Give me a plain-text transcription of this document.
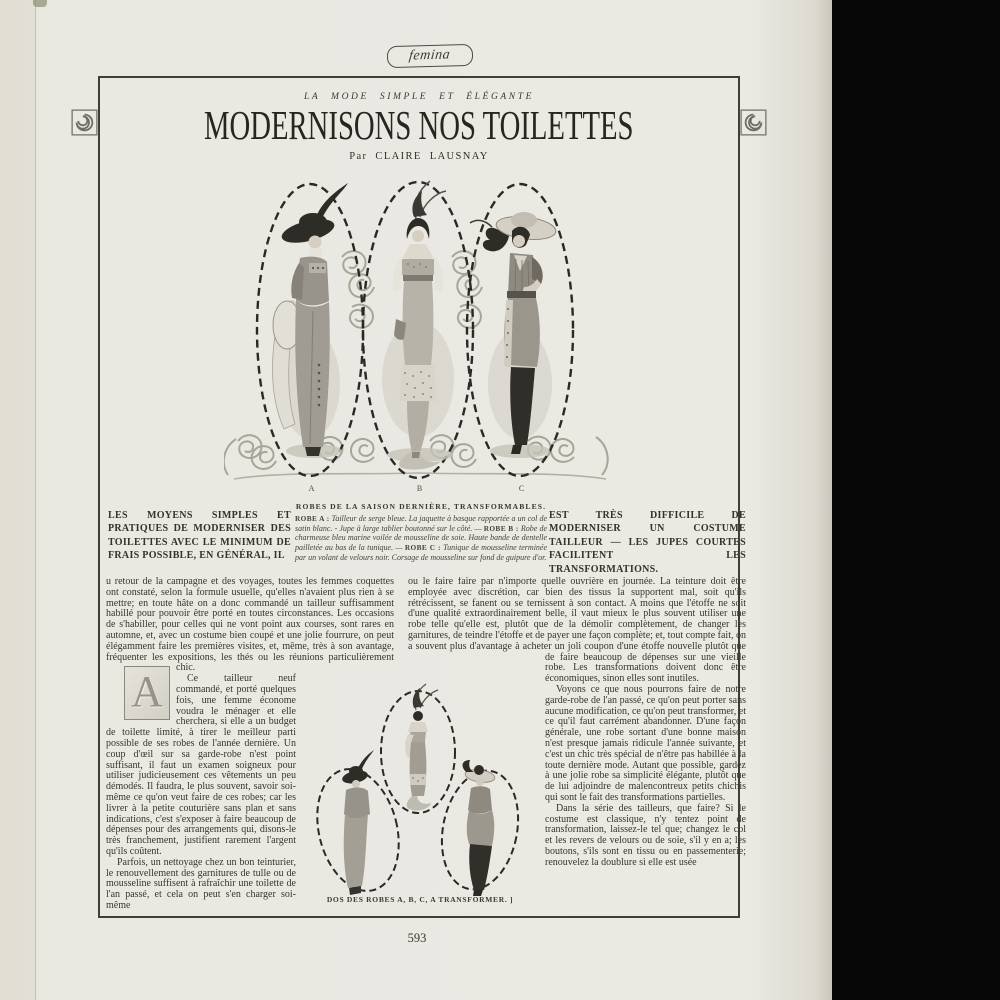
femina
LA MODE SIMPLE ET ÉLÉGANTE
MODERNISONS NOS TOILETTES
Par CLAIRE LAUSNAY
A	B	C
LES MOYENS SIMPLES ET PRATIQUES DE MODERNISER DES TOILETTES AVEC LE MINIMUM DE FRAIS POSSIBLE, EN GÉNÉRAL, IL
ROBES DE LA SAISON DERNIÈRE, TRANSFORMABLES.
ROBE A : Tailleur de serge bleue. La jaquette à basque rapportée a un col de satin blanc. - Jupe à large tablier boutonné sur le côté. — ROBE B : Robe de charmeuse bleu marine voilée de mousseline de soie. Haute bande de dentelle pailletée au bas de la tunique. — ROBE C : Tunique de mousseline terminée par un volant de velours noir. Corsage de mousseline sur fond de guipure d'or.
EST TRÈS DIFFICILE DE MODERNISER UN COSTUME TAILLEUR — LES JUPES COURTES FACILITENT LES TRANSFORMATIONS.

A
u retour de la campagne et des voyages, toutes les femmes coquettes ont constaté, selon la formule usuelle, qu'elles n'avaient plus rien à se mettre; en toute hâte on a donc commandé un tailleur suffisamment habillé pour pouvoir être porté en toutes circonstances. Les occasions de s'habiller, pour celles qui ne vont point aux courses, sont rares en automne, et, avec un costume bien coupé et une jolie fourrure, on peut élégamment faire les premières visites, et, même, très à son avantage, fréquenter les expositions, les thés ou les réunions particulièrement chic.

Ce tailleur neuf commandé, et porté quelques fois, une femme économe voudra le ménager et elle cherchera, si elle a un budget de toilette limité, à tirer le meilleur parti possible de ses robes de l'année dernière. Un coup d'œil sur sa garde-robe n'est point suffisant, il faut un examen soigneux pour utiliser judicieusement ces vêtements un peu démodés. Il faudra, le plus souvent, savoir soi-même ce qu'on veut faire de ces robes; car les livrer à la petite couturière sans plan et sans indications, c'est s'exposer à faire beaucoup de dépenses pour des arrangements qui, disons-le très franchement, justifient rarement l'argent qu'ils coûtent.

Parfois, un nettoyage chez un bon teinturier, le renouvellement des garnitures de tulle ou de mousseline suffisent à rafraîchir une toilette de l'an passé, et cela on peut s'en charger soi-même

ou le faire faire par n'importe quelle ouvrière en journée. La teinture doit être employée avec discrétion, car bien des tissus la supportent mal, soit qu'ils rétrécissent, se fanent ou se ternissent à son contact. A moins que l'étoffe ne soit d'une qualité extraordinairement belle, il vaut mieux le plus souvent utiliser une robe telle qu'elle est, plutôt que de la démolir complètement, de changer les garnitures, de teindre l'étoffe et de payer une façon complète; et, tout compte fait, on a souvent plus d'avantage à acheter un joli coupon d'une étoffe nouvelle plutôt que de faire beaucoup de dépenses sur une vieille robe. Les transformations doivent donc être économiques, sinon elles sont inutiles.

Voyons ce que nous pourrons faire de notre garde-robe de l'an passé, ce qu'on peut porter sans aucune modification, ce qu'on peut transformer, et ce qu'il faut carrément abandonner. D'une façon générale, une robe sortant d'une bonne maison n'est presque jamais ridicule l'année suivante, et c'est un chic très spécial de n'être pas habillée à la toute dernière mode. Autant que possible, gardez à une jolie robe sa simplicité élégante, plutôt que de lui adjoindre de malencontreux petits chichis qui sont le fait des transformations partielles.

Dans la série des tailleurs, que faire? Si le costume est classique, n'y tentez point de transformation, laissez-le tel que; changez le col et les revers de velours ou de soie, s'il y en a; les boutons, s'ils sont en tissu ou en passementerie; renouvelez la doublure si elle est usée

DOS DES ROBES A, B, C, A TRANSFORMER. ]
593
